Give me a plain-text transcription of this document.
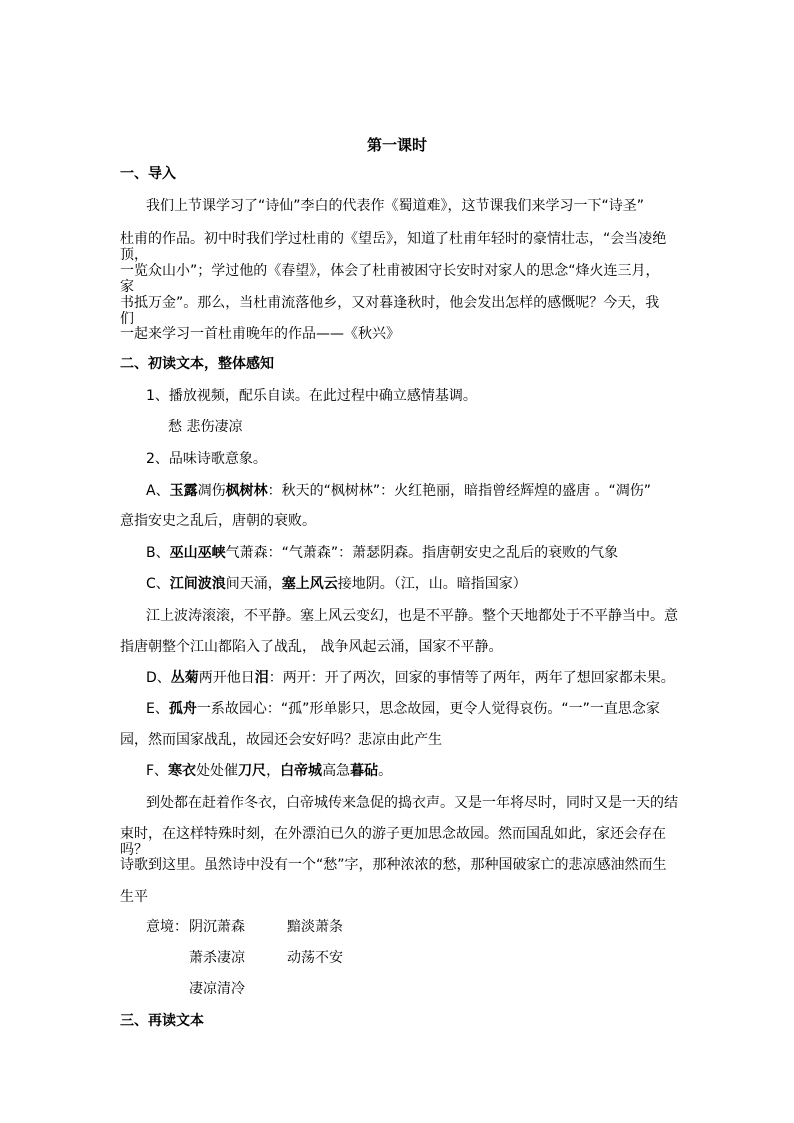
第一课时
一、导入
我们上节课学习了“诗仙”李白的代表作《蜀道难》，这节课我们来学习一下“诗圣”
杜甫的作品。初中时我们学过杜甫的《望岳》，知道了杜甫年轻时的豪情壮志，“会当凌绝顶，
一览众山小”；学过他的《春望》，体会了杜甫被困守长安时对家人的思念“烽火连三月，家
书抵万金”。那么，当杜甫流落他乡，又对暮逢秋时，他会发出怎样的感慨呢？今天，我们
一起来学习一首杜甫晚年的作品——《秋兴》
二、初读文本，整体感知
1、播放视频，配乐自读。在此过程中确立感情基调。
愁 悲伤凄凉
2、品味诗歌意象。
A、玉露凋伤枫树林：秋天的“枫树林”：火红艳丽，暗指曾经辉煌的盛唐 。“凋伤”
意指安史之乱后，唐朝的衰败。
B、巫山巫峡气萧森：“气萧森”：萧瑟阴森。指唐朝安史之乱后的衰败的气象
C、江间波浪间天涌，塞上风云接地阴。（江，山。暗指国家）
江上波涛滚滚，不平静。塞上风云变幻，也是不平静。整个天地都处于不平静当中。意
指唐朝整个江山都陷入了战乱， 战争风起云涌，国家不平静。
D、丛菊两开他日泪：两开：开了两次，回家的事情等了两年，两年了想回家都未果。
E、孤舟一系故园心：“孤”形单影只，思念故园，更令人觉得哀伤。“一”一直思念家
园，然而国家战乱，故园还会安好吗？悲凉由此产生
F、寒衣处处催刀尺，白帝城高急暮砧。
到处都在赶着作冬衣，白帝城传来急促的捣衣声。又是一年将尽时，同时又是一天的结
束时，在这样特殊时刻，在外漂泊已久的游子更加思念故园。然而国乱如此，家还会存在吗？
诗歌到这里。虽然诗中没有一个“愁”字，那种浓浓的愁，那种国破家亡的悲凉感油然而生
生平
意境： 阴沉萧森	黯淡萧条
萧杀凄凉	动荡不安
凄凉清冷
三、再读文本
